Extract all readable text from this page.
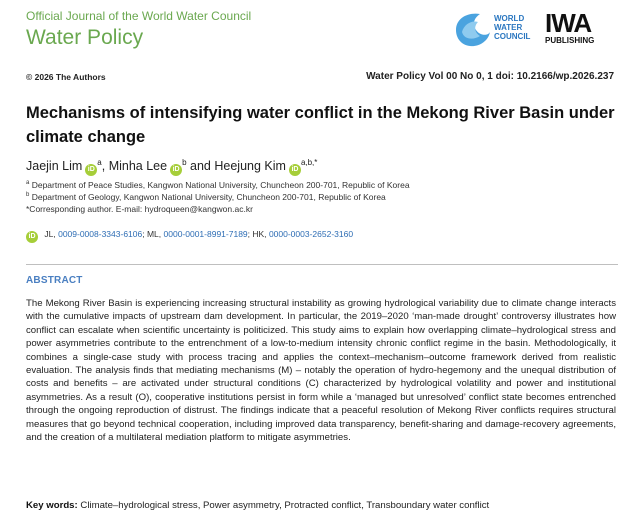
Official Journal of the World Water Council
Water Policy
WORLD
WATER
COUNCIL IWA
PUBLISHING
© 2026 The Authors	Water Policy Vol 00 No 0, 1 doi: 10.2166/wp.2026.237
Mechanisms of intensifying water conflict in the Mekong River Basin under
climate change
Jaejin Lim $iD^a$, Minha Lee $iD^b$ and Heejung Kim $iD^{a,b,*}$
$^a$ Department of Peace Studies, Kangwon National University, Chuncheon 200-701, Republic of Korea
$^b$ Department of Geology, Kangwon National University, Chuncheon 200-701, Republic of Korea
*Corresponding author. E-mail: hydroqueen@kangwon.ac.kr
iD JL, 0009-0008-3343-6106; ML, 0000-0001-8991-7189; HK, 0000-0003-2652-3160
ABSTRACT

The Mekong River Basin is experiencing increasing structural instability as growing hydrological variability due to climate change interacts with the cumulative impacts of upstream dam development. In particular, the 2019–2020 ‘man-made drought’ controversy illustrates how conflict can escalate when scientific uncertainty is politicized. This study aims to explain how overlapping climate–hydrological stress and power asymmetries contribute to the entrenchment of a low-to-medium intensity chronic conflict regime in the basin. Methodologically, it combines a single-case study with process tracing and applies the context–mechanism–outcome framework derived from realistic evaluation. The analysis finds that mediating mechanisms (M) – notably the operation of hydro-hegemony and the unequal distribution of costs and benefits – are activated under structural conditions (C) characterized by hydrological volatility and power and institutional asymmetries. As a result (O), cooperative institutions persist in form while a ‘managed but unresolved’ conflict state becomes entrenched through the ongoing reproduction of distrust. The findings indicate that a peaceful resolution of Mekong River conflicts requires structural measures that go beyond technical cooperation, including improved data transparency, benefit-sharing and damage-recovery agreements, and the creation of a multilateral mediation platform to mitigate asymmetries.

Key words: Climate–hydrological stress, Power asymmetry, Protracted conflict, Transboundary water conflict
